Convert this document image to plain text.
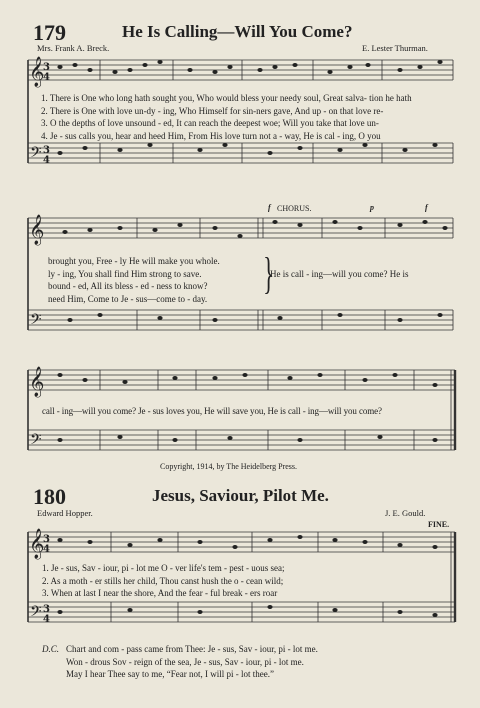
179	He Is Calling—Will You Come?
Mrs. Frank A. Breck.	E. Lester Thurman.
𝄞
3
4
𝄢 3
4
𝄞
𝄢
𝄞
𝄢
𝄞
3
4
𝄢 3
4
1. There is One who long hath sought you, Who would bless your needy soul, Great salva- tion he hath
2. There is One with love un-dy - ing, Who Himself for sin-ners gave, And up - on that love re-
3. O the depths of love unsound - ed, It can reach the deepest woe; Will you take that love un-
4. Je - sus calls you, hear and heed Him, From His love turn not a - way, He is cal - ing, O you
f CHORUS.	p	f
brought you, Free - ly He will make you whole.
ly - ing, You shall find Him strong to save.
bound - ed, All its bless - ed - ness to know?
need Him, Come to Je - sus—come to - day.
}
He is call - ing—will you come? He is
call - ing—will you come? Je - sus loves you, He will save you, He is call - ing—will you come?
Copyright, 1914, by The Heidelberg Press.
180	Jesus, Saviour, Pilot Me.
Edward Hopper.	J. E. Gould.
FINE.
1. Je - sus, Sav - iour, pi - lot me O - ver life's tem - pest - uous sea;
2. As a moth - er stills her child, Thou canst hush the o - cean wild;
3. When at last I near the shore, And the fear - ful break - ers roar
D.C. Chart and com - pass came from Thee: Je - sus, Sav - iour, pi - lot me.
Won - drous Sov - reign of the sea, Je - sus, Sav - iour, pi - lot me.
May I hear Thee say to me, “Fear not, I will pi - lot thee.”
